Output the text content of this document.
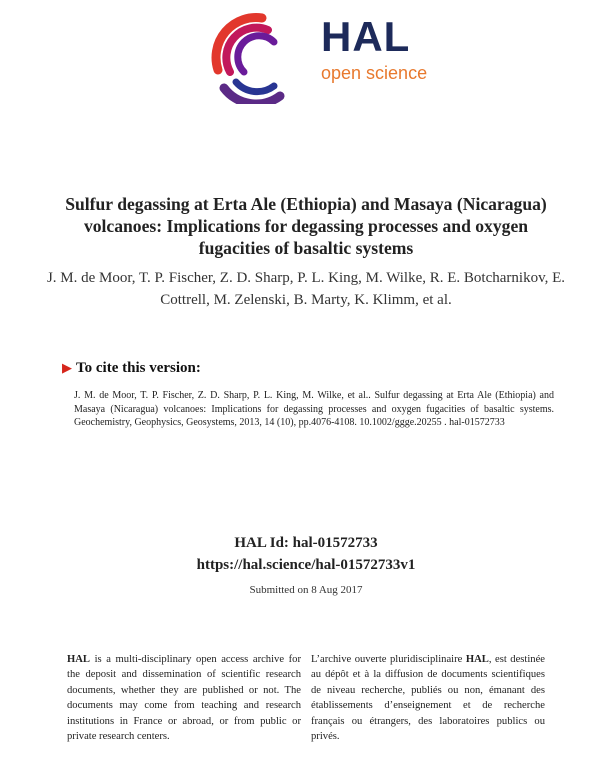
HAL
open science
Sulfur degassing at Erta Ale (Ethiopia) and Masaya (Nicaragua) volcanoes: Implications for degassing processes and oxygen fugacities of basaltic systems

J. M. de Moor, T. P. Fischer, Z. D. Sharp, P. L. King, M. Wilke, R. E. Botcharnikov, E. Cottrell, M. Zelenski, B. Marty, K. Klimm, et al.

▶ To cite this version:

J. M. de Moor, T. P. Fischer, Z. D. Sharp, P. L. King, M. Wilke, et al.. Sulfur degassing at Erta Ale (Ethiopia) and Masaya (Nicaragua) volcanoes: Implications for degassing processes and oxygen fugacities of basaltic systems. Geochemistry, Geophysics, Geosystems, 2013, 14 (10), pp.4076-4108. 10.1002/ggge.20255 . hal-01572733

HAL Id: hal-01572733

https://hal.science/hal-01572733v1

Submitted on 8 Aug 2017

HAL is a multi-disciplinary open access archive for the deposit and dissemination of scientific research documents, whether they are published or not. The documents may come from teaching and research institutions in France or abroad, or from public or private research centers.

L’archive ouverte pluridisciplinaire HAL, est destinée au dépôt et à la diffusion de documents scientifiques de niveau recherche, publiés ou non, émanant des établissements d’enseignement et de recherche français ou étrangers, des laboratoires publics ou privés.
